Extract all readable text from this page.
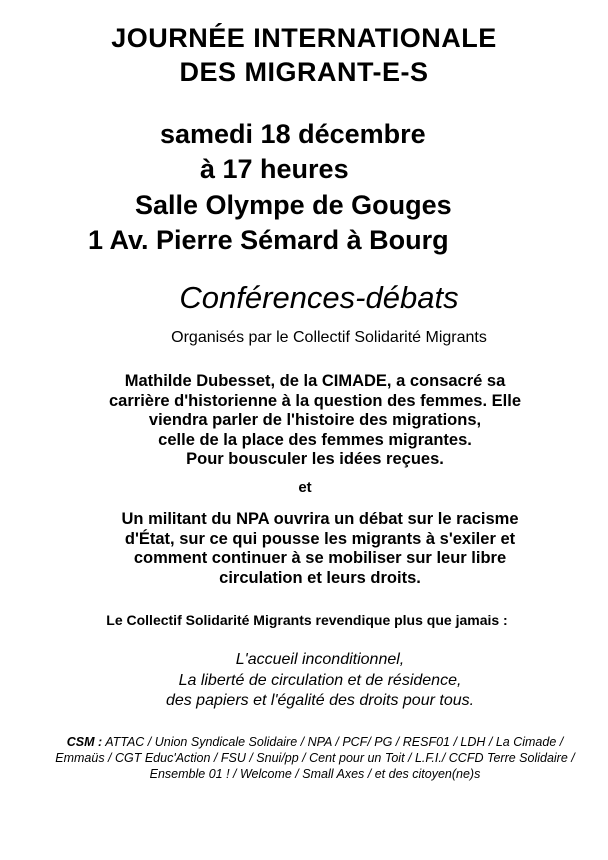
JOURNÉE INTERNATIONALE
DES MIGRANT-E-S

samedi 18 décembre

à 17 heures

Salle Olympe de Gouges

1 Av. Pierre Sémard à Bourg

Conférences-débats

Organisés par le Collectif Solidarité Migrants

Mathilde Dubesset, de la CIMADE, a consacré sa
carrière d'historienne à la question des femmes. Elle
viendra parler de l'histoire des migrations,
celle de la place des femmes migrantes.
Pour bousculer les idées reçues.

et

Un militant du NPA ouvrira un débat sur le racisme
d'État, sur ce qui pousse les migrants à s'exiler et
comment continuer à se mobiliser sur leur libre
circulation et leurs droits.

Le Collectif Solidarité Migrants revendique plus que jamais :

L'accueil inconditionnel,
La liberté de circulation et de résidence,
des papiers et l'égalité des droits pour tous.

CSM : ATTAC / Union Syndicale Solidaire / NPA / PCF/ PG / RESF01 / LDH / La Cimade / Emmaüs / CGT Educ'Action / FSU / Snui/pp / Cent pour un Toit / L.F.I./ CCFD Terre Solidaire / Ensemble 01 ! / Welcome / Small Axes / et des citoyen(ne)s
